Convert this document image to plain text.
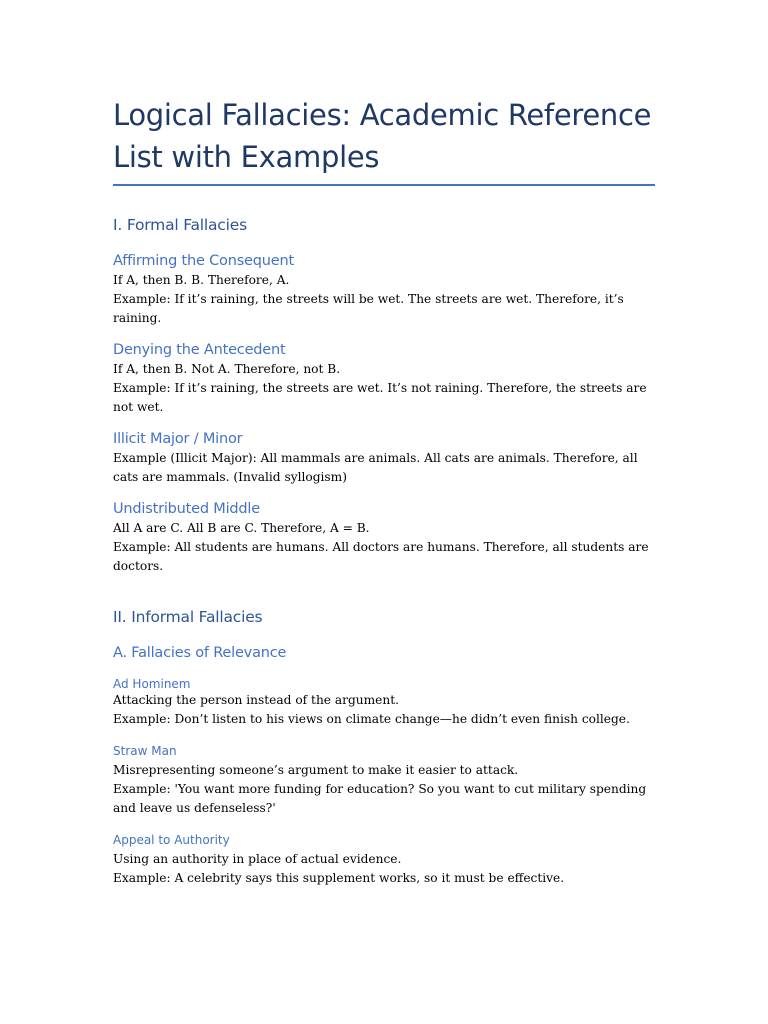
Logical Fallacies: Academic Reference List with Examples
I. Formal Fallacies
Affirming the Consequent

If A, then B. B. Therefore, A.

Example: If it’s raining, the streets will be wet. The streets are wet. Therefore, it’s raining.

Denying the Antecedent

If A, then B. Not A. Therefore, not B.

Example: If it’s raining, the streets are wet. It’s not raining. Therefore, the streets are not wet.

Illicit Major / Minor

Example (Illicit Major): All mammals are animals. All cats are animals. Therefore, all cats are mammals. (Invalid syllogism)

Undistributed Middle

All A are C. All B are C. Therefore, A = B.

Example: All students are humans. All doctors are humans. Therefore, all students are doctors.

II. Informal Fallacies
A. Fallacies of Relevance
Ad Hominem

Attacking the person instead of the argument.

Example: Don’t listen to his views on climate change—he didn’t even finish college.

Straw Man

Misrepresenting someone’s argument to make it easier to attack.

Example: 'You want more funding for education? So you want to cut military spending and leave us defenseless?'

Appeal to Authority

Using an authority in place of actual evidence.

Example: A celebrity says this supplement works, so it must be effective.
